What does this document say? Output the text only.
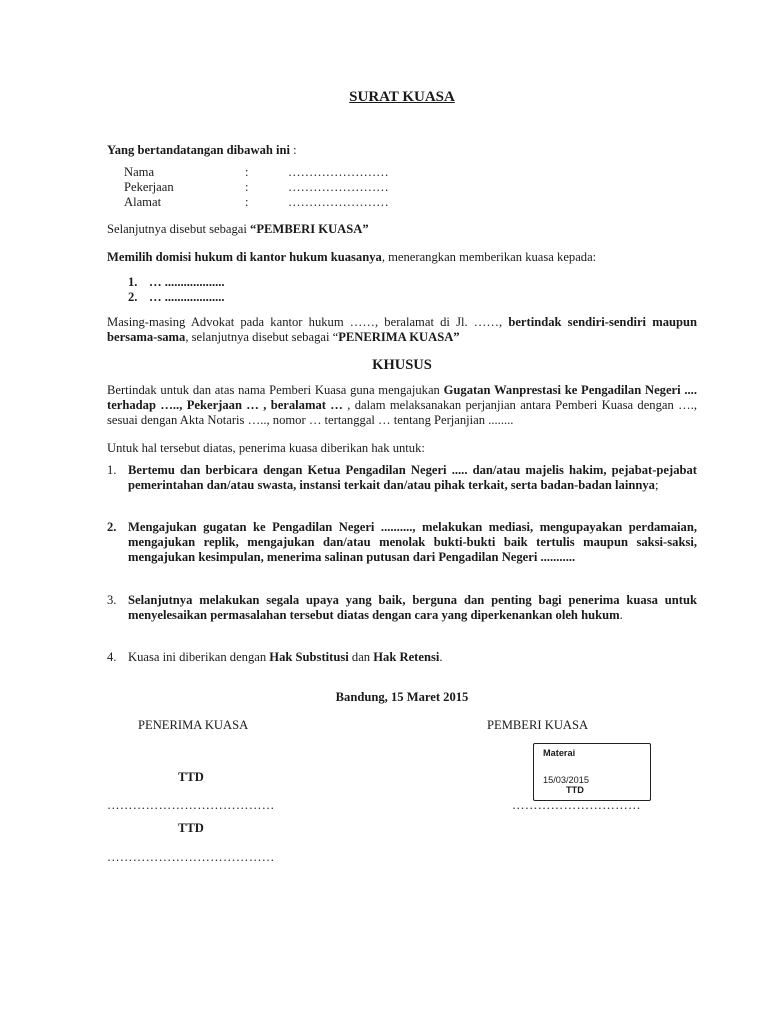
SURAT KUASA
Yang bertandatangan dibawah ini :
Nama	:	……………………
Pekerjaan	:	……………………
Alamat	:	……………………
Selanjutnya disebut sebagai “PEMBERI KUASA”
Memilih domisi hukum di kantor hukum kuasanya, menerangkan memberikan kuasa kepada:
1. … ...................
2. … ...................
Masing-masing Advokat pada kantor hukum ……, beralamat di Jl. ……, bertindak sendiri-sendiri maupun bersama-sama, selanjutnya disebut sebagai “PENERIMA KUASA”
KHUSUS
Bertindak untuk dan atas nama Pemberi Kuasa guna mengajukan Gugatan Wanprestasi ke Pengadilan Negeri .... terhadap ….., Pekerjaan … , beralamat … , dalam melaksanakan perjanjian antara Pemberi Kuasa dengan …., sesuai dengan Akta Notaris ….., nomor … tertanggal … tentang Perjanjian ........
Untuk hal tersebut diatas, penerima kuasa diberikan hak untuk:
1. Bertemu dan berbicara dengan Ketua Pengadilan Negeri ..... dan/atau majelis hakim, pejabat-pejabat pemerintahan dan/atau swasta, instansi terkait dan/atau pihak terkait, serta badan-badan lainnya;
2. Mengajukan gugatan ke Pengadilan Negeri .........., melakukan mediasi, mengupayakan perdamaian, mengajukan replik, mengajukan dan/atau menolak bukti-bukti baik tertulis maupun saksi-saksi, mengajukan kesimpulan, menerima salinan putusan dari Pengadilan Negeri ...........
3. Selanjutnya melakukan segala upaya yang baik, berguna dan penting bagi penerima kuasa untuk menyelesaikan permasalahan tersebut diatas dengan cara yang diperkenankan oleh hukum.
4. Kuasa ini diberikan dengan Hak Substitusi dan Hak Retensi.
Bandung, 15 Maret 2015
PENERIMA KUASA	PEMBERI KUASA
TTD
…………………………………	…………………………
Materai
15/03/2015
TTD
TTD
…………………………………
